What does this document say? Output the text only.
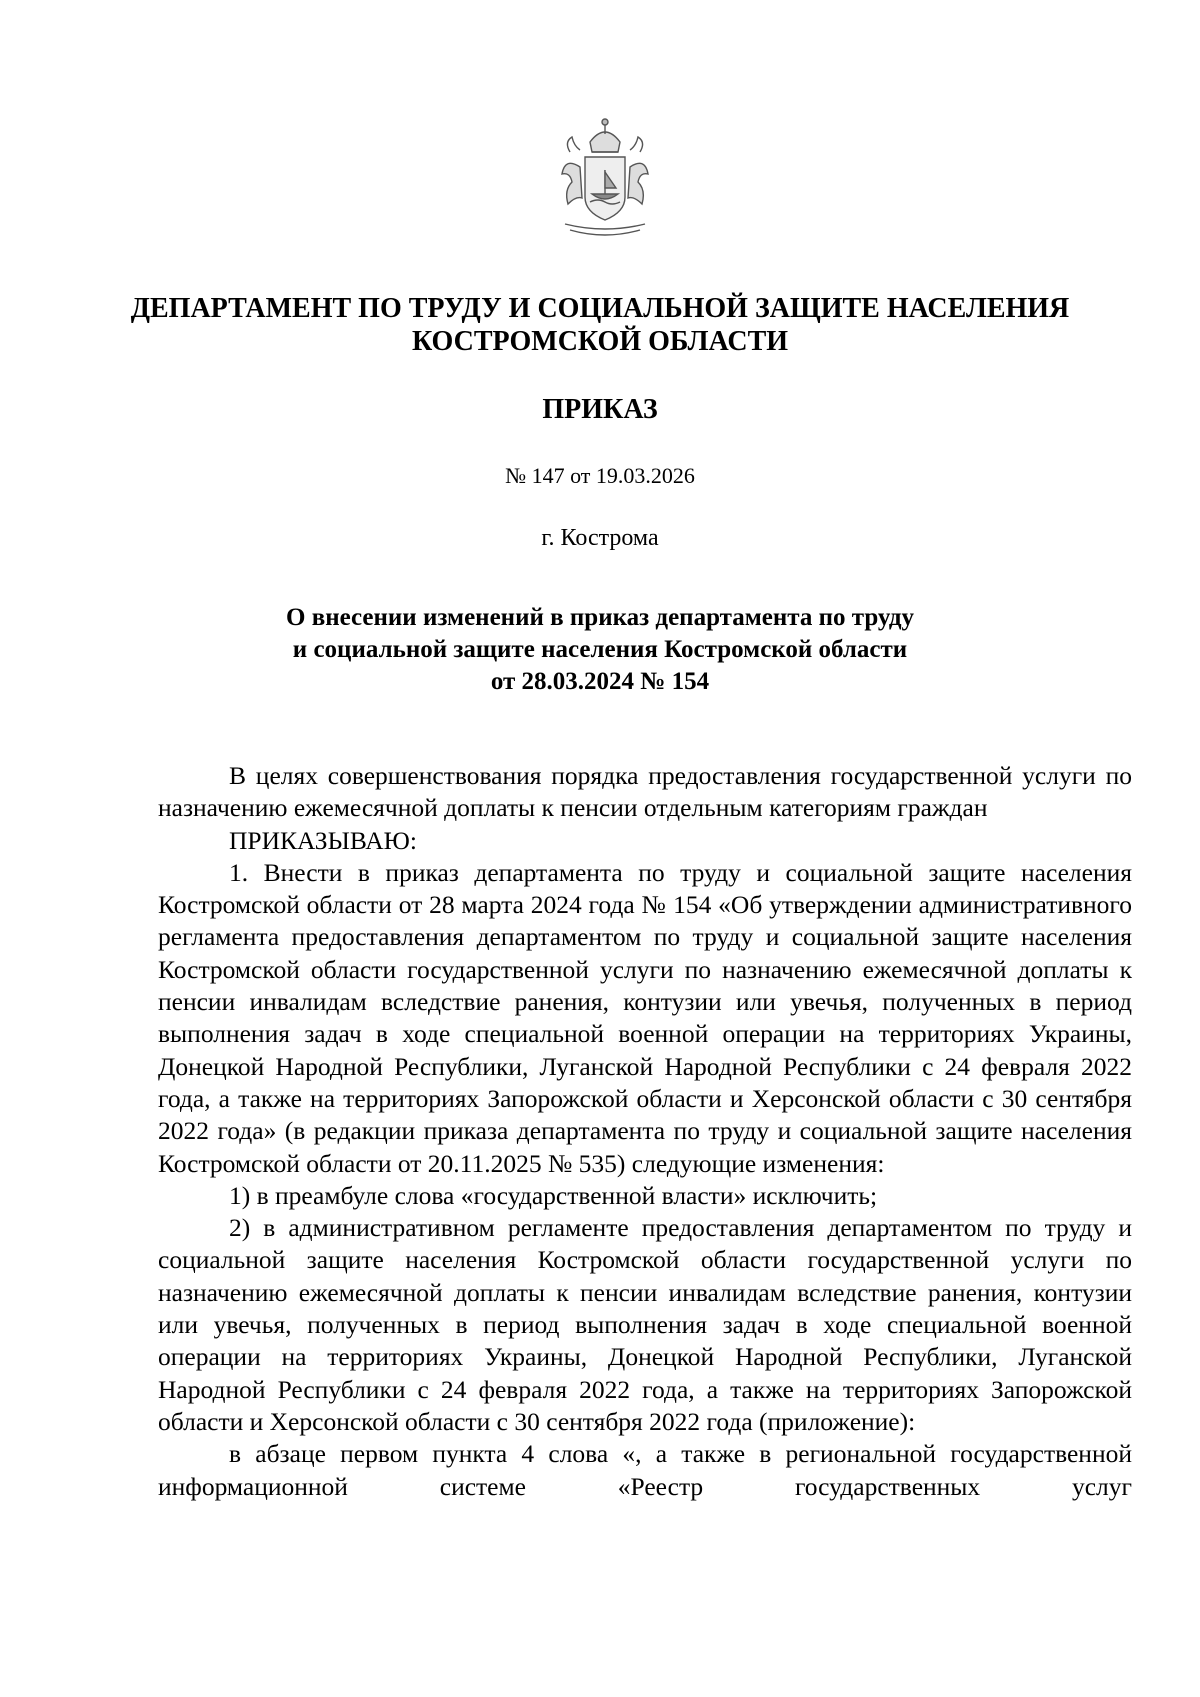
ДЕПАРТАМЕНТ ПО ТРУДУ И СОЦИАЛЬНОЙ ЗАЩИТЕ НАСЕЛЕНИЯ
КОСТРОМСКОЙ ОБЛАСТИ
ПРИКАЗ
№ 147 от 19.03.2026
г. Кострома
О внесении изменений в приказ департамента по труду
и социальной защите населения Костромской области
от 28.03.2024 № 154

В целях совершенствования порядка предоставления государственной услуги по назначению ежемесячной доплаты к пенсии отдельным категориям граждан

ПРИКАЗЫВАЮ:

1. Внести в приказ департамента по труду и социальной защите населения Костромской области от 28 марта 2024 года № 154 «Об утверждении административного регламента предоставления департаментом по труду и социальной защите населения Костромской области государственной услуги по назначению ежемесячной доплаты к пенсии инвалидам вследствие ранения, контузии или увечья, полученных в период выполнения задач в ходе специальной военной операции на территориях Украины, Донецкой Народной Республики, Луганской Народной Республики с 24 февраля 2022 года, а также на территориях Запорожской области и Херсонской области с 30 сентября 2022 года» (в редакции приказа департамента по труду и социальной защите населения Костромской области от 20.11.2025 № 535) следующие изменения:

1) в преамбуле слова «государственной власти» исключить;

2) в административном регламенте предоставления департаментом по труду и социальной защите населения Костромской области государственной услуги по назначению ежемесячной доплаты к пенсии инвалидам вследствие ранения, контузии или увечья, полученных в период выполнения задач в ходе специальной военной операции на территориях Украины, Донецкой Народной Республики, Луганской Народной Республики с 24 февраля 2022 года, а также на территориях Запорожской области и Херсонской области с 30 сентября 2022 года (приложение):

в абзаце первом пункта 4 слова «, а также в региональной государственной информационной системе «Реестр государственных услуг
